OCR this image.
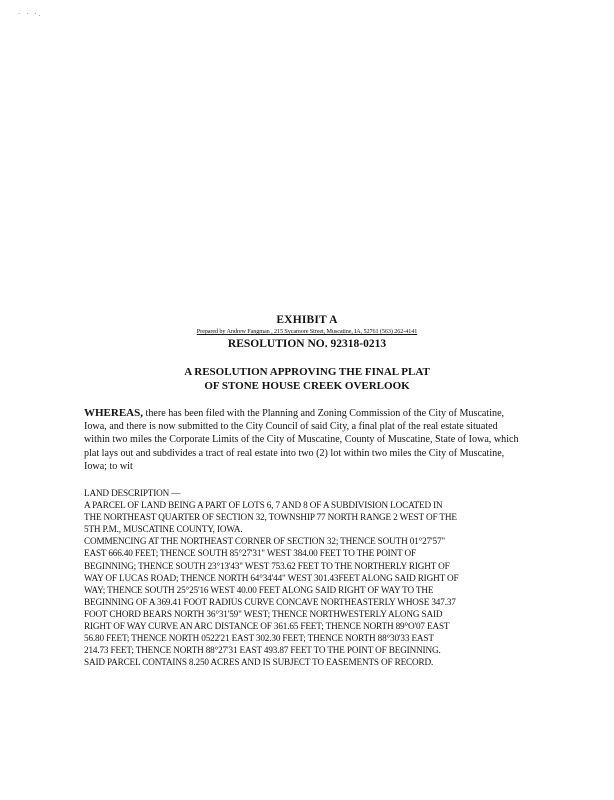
· · ·.
EXHIBIT A
Prepared by Andrew Fangman , 215 Sycamore Street, Muscatine, IA, 52761 (563) 262-4141
RESOLUTION NO. 92318-0213
A RESOLUTION APPROVING THE FINAL PLAT
OF STONE HOUSE CREEK OVERLOOK

WHEREAS, there has been filed with the Planning and Zoning Commission of the City of Muscatine, Iowa, and there is now submitted to the City Council of said City, a final plat of the real estate situated within two miles the Corporate Limits of the City of Muscatine, County of Muscatine, State of Iowa, which plat lays out and subdivides a tract of real estate into two (2) lot within two miles the City of Muscatine, Iowa; to wit

LAND DESCRIPTION —
A PARCEL OF LAND BEING A PART OF LOTS 6, 7 AND 8 OF A SUBDIVISION LOCATED IN
THE NORTHEAST QUARTER OF SECTION 32, TOWNSHIP 77 NORTH RANGE 2 WEST OF THE
5TH P.M., MUSCATINE COUNTY, IOWA.
COMMENCING AT THE NORTHEAST CORNER OF SECTION 32; THENCE SOUTH 01°27'57"
EAST 666.40 FEET; THENCE SOUTH 85°27'31" WEST 384.00 FEET TO THE POINT OF
BEGINNING; THENCE SOUTH 23°13'43" WEST 753.62 FEET TO THE NORTHERLY RIGHT OF
WAY OF LUCAS ROAD; THENCE NORTH 64°34'44" WEST 301.43FEET ALONG SAID RIGHT OF
WAY; THENCE SOUTH 25°25'16 WEST 40.00 FEET ALONG SAID RIGHT OF WAY TO THE
BEGINNING OF A 369.41 FOOT RADIUS CURVE CONCAVE NORTHEASTERLY WHOSE 347.37
FOOT CHORD BEARS NORTH 36°31'59" WEST; THENCE NORTHWESTERLY ALONG SAID
RIGHT OF WAY CURVE AN ARC DISTANCE OF 361.65 FEET; THENCE NORTH 89°O'07 EAST
56.80 FEET; THENCE NORTH 0522'21 EAST 302.30 FEET; THENCE NORTH 88°30'33 EAST
214.73 FEET; THENCE NORTH 88°27'31 EAST 493.87 FEET TO THE POINT OF BEGINNING.
SAID PARCEL CONTAINS 8.250 ACRES AND IS SUBJECT TO EASEMENTS OF RECORD.
